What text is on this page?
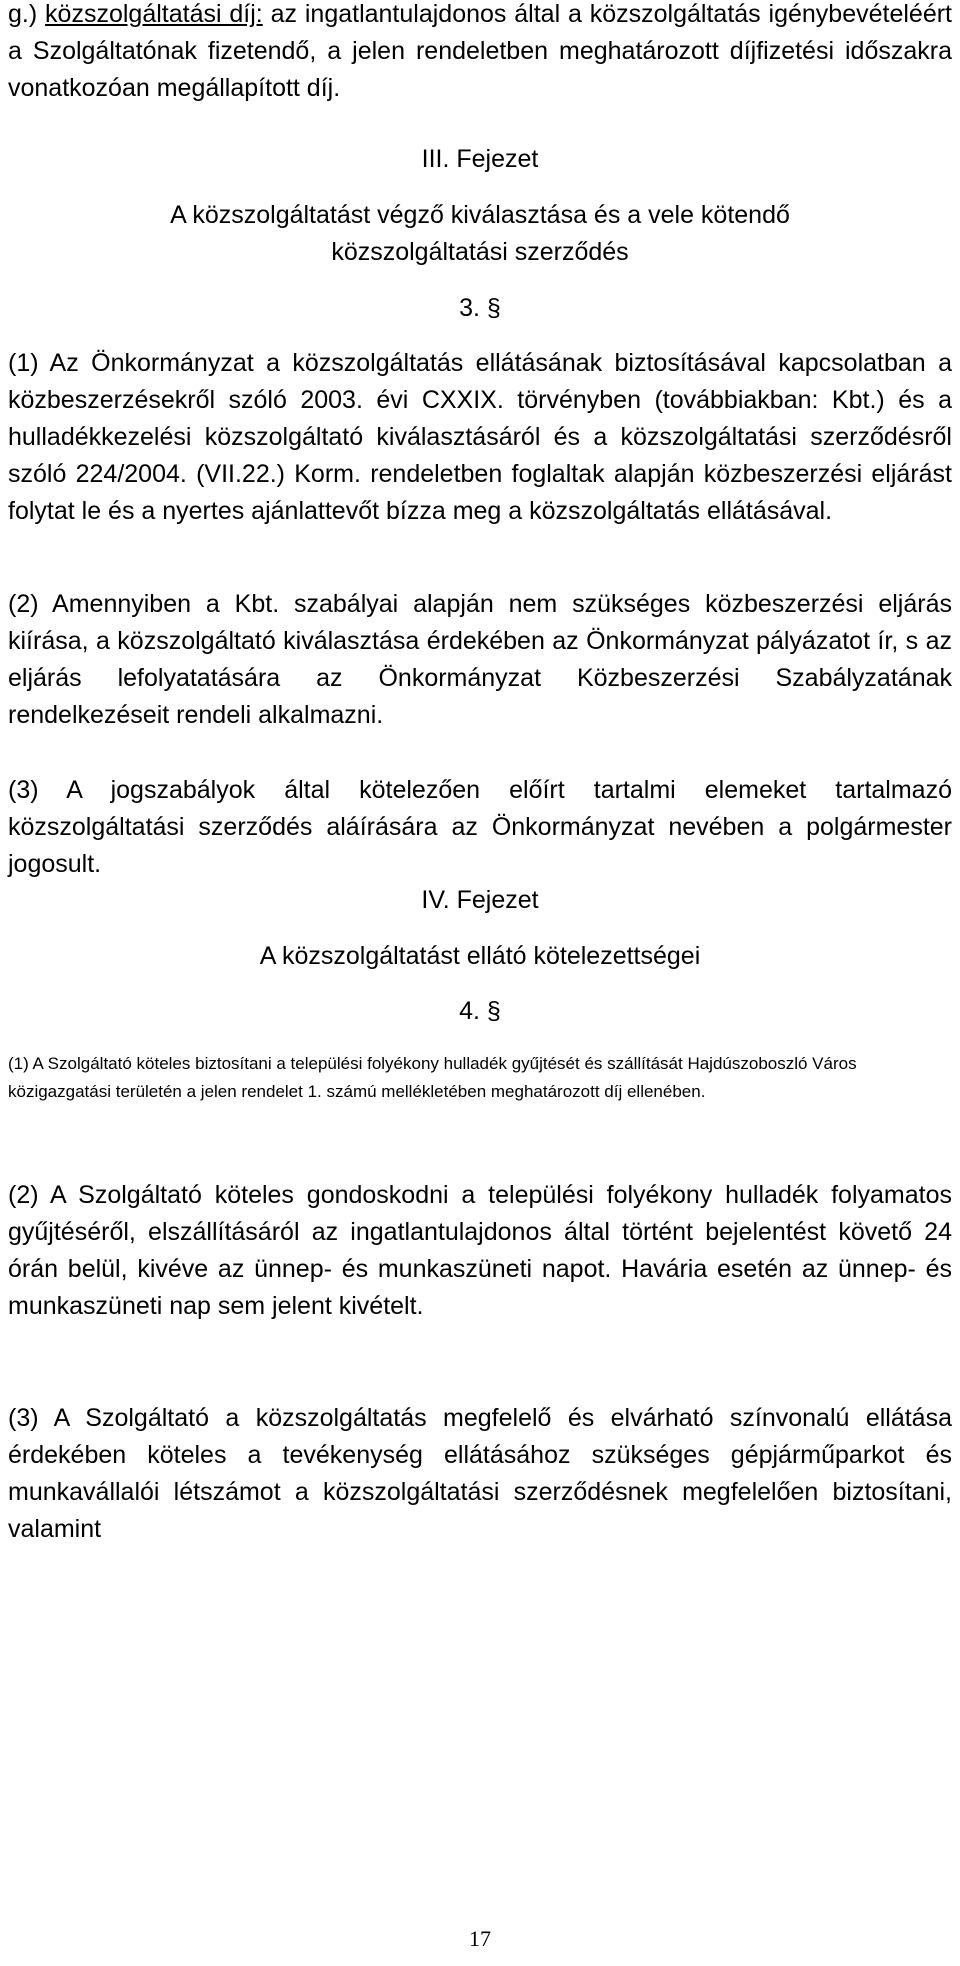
g.) közszolgáltatási díj: az ingatlantulajdonos által a közszolgáltatás igénybevételéért a Szolgáltatónak fizetendő, a jelen rendeletben meghatározott díjfizetési időszakra vonatkozóan megállapított díj.

III. Fejezet

A közszolgáltatást végző kiválasztása és a vele kötendő

közszolgáltatási szerződés

3. §

(1) Az Önkormányzat a közszolgáltatás ellátásának biztosításával kapcsolatban a közbeszerzésekről szóló 2003. évi CXXIX. törvényben (továbbiakban: Kbt.) és a hulladékkezelési közszolgáltató kiválasztásáról és a közszolgáltatási szerződésről szóló 224/2004. (VII.22.) Korm. rendeletben foglaltak alapján közbeszerzési eljárást folytat le és a nyertes ajánlattevőt bízza meg a közszolgáltatás ellátásával.

(2) Amennyiben a Kbt. szabályai alapján nem szükséges közbeszerzési eljárás kiírása, a közszolgáltató kiválasztása érdekében az Önkormányzat pályázatot ír, s az eljárás lefolyatatására az Önkormányzat Közbeszerzési Szabályzatának rendelkezéseit rendeli alkalmazni.

(3) A jogszabályok által kötelezően előírt tartalmi elemeket tartalmazó közszolgáltatási szerződés aláírására az Önkormányzat nevében a polgármester jogosult.

IV. Fejezet

A közszolgáltatást ellátó kötelezettségei

4. §

(1) A Szolgáltató köteles biztosítani a települési folyékony hulladék gyűjtését és szállítását Hajdúszoboszló Város közigazgatási területén a jelen rendelet 1. számú mellékletében meghatározott díj ellenében.

(2) A Szolgáltató köteles gondoskodni a települési folyékony hulladék folyamatos gyűjtéséről, elszállításáról az ingatlantulajdonos által történt bejelentést követő 24 órán belül, kivéve az ünnep- és munkaszüneti napot. Havária esetén az ünnep- és munkaszüneti nap sem jelent kivételt.

(3) A Szolgáltató a közszolgáltatás megfelelő és elvárható színvonalú ellátása érdekében köteles a tevékenység ellátásához szükséges gépjárműparkot és munkavállalói létszámot a közszolgáltatási szerződésnek megfelelően biztosítani, valamint

17
